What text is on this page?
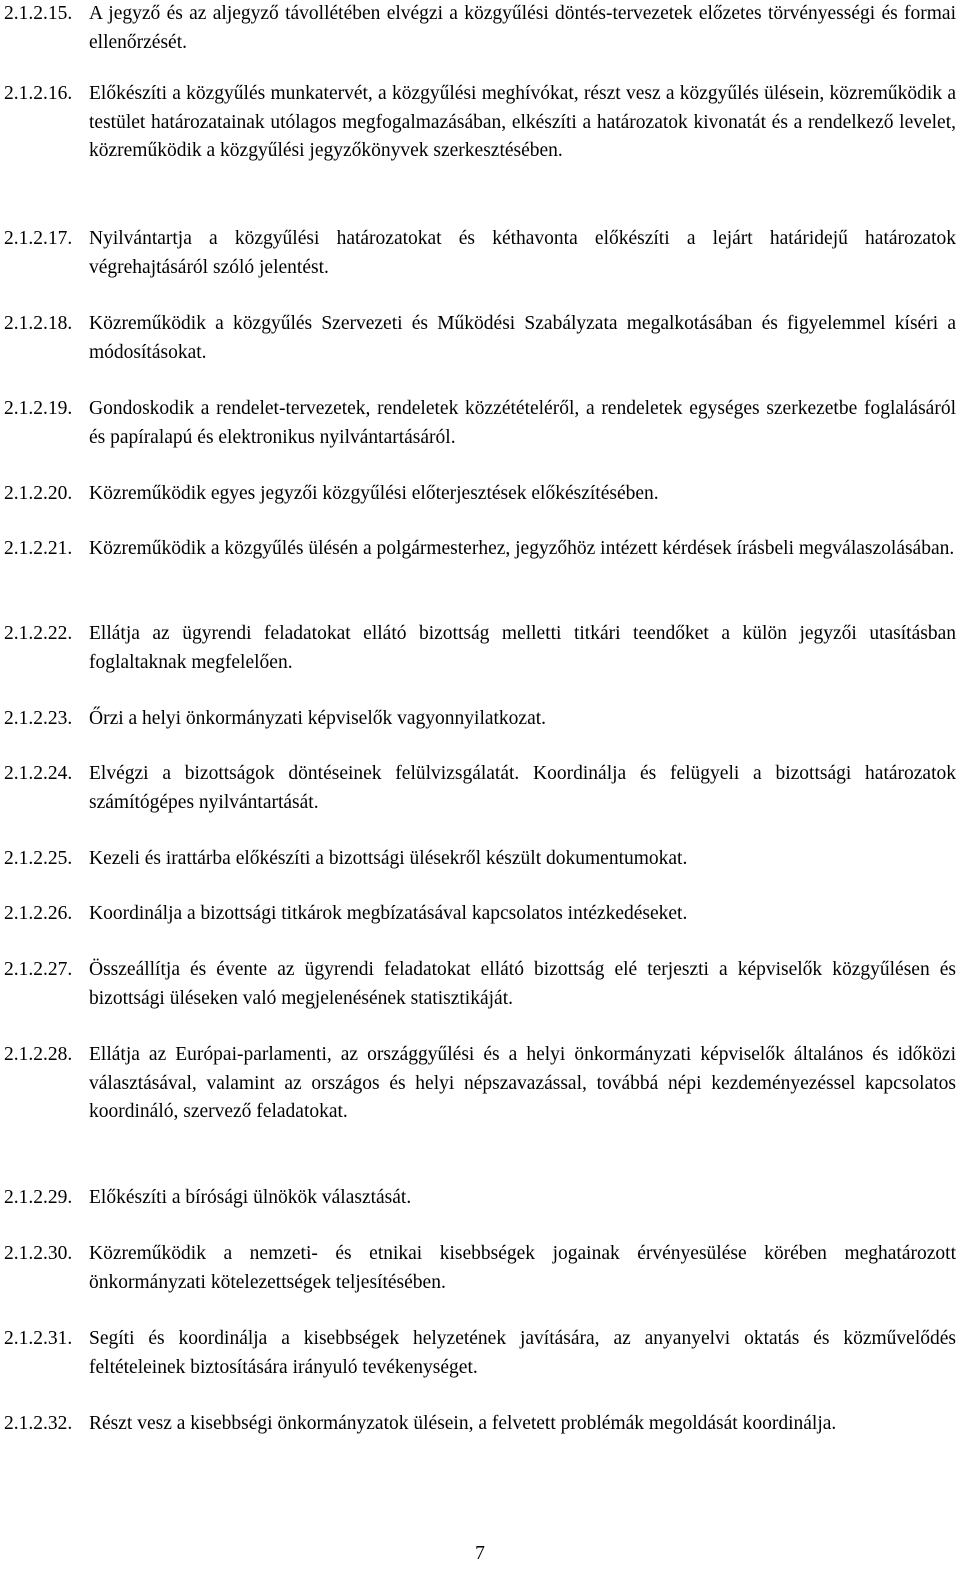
2.1.2.15. A jegyző és az aljegyző távollétében elvégzi a közgyűlési döntés-tervezetek előzetes törvényességi és formai ellenőrzését.
2.1.2.16. Előkészíti a közgyűlés munkatervét, a közgyűlési meghívókat, részt vesz a közgyűlés ülésein, közreműködik a testület határozatainak utólagos megfogalmazásában, elkészíti a határozatok kivonatát és a rendelkező levelet, közreműködik a közgyűlési jegyzőkönyvek szerkesztésében.
2.1.2.17. Nyilvántartja a közgyűlési határozatokat és kéthavonta előkészíti a lejárt határidejű határozatok végrehajtásáról szóló jelentést.
2.1.2.18. Közreműködik a közgyűlés Szervezeti és Működési Szabályzata megalkotásában és figyelemmel kíséri a módosításokat.
2.1.2.19. Gondoskodik a rendelet-tervezetek, rendeletek közzétételéről, a rendeletek egységes szerkezetbe foglalásáról és papíralapú és elektronikus nyilvántartásáról.
2.1.2.20. Közreműködik egyes jegyzői közgyűlési előterjesztések előkészítésében.
2.1.2.21. Közreműködik a közgyűlés ülésén a polgármesterhez, jegyzőhöz intézett kérdések írásbeli megválaszolásában.
2.1.2.22. Ellátja az ügyrendi feladatokat ellátó bizottság melletti titkári teendőket a külön jegyzői utasításban foglaltaknak megfelelően.
2.1.2.23. Őrzi a helyi önkormányzati képviselők vagyonnyilatkozat.
2.1.2.24. Elvégzi a bizottságok döntéseinek felülvizsgálatát. Koordinálja és felügyeli a bizottsági határozatok számítógépes nyilvántartását.
2.1.2.25. Kezeli és irattárba előkészíti a bizottsági ülésekről készült dokumentumokat.
2.1.2.26. Koordinálja a bizottsági titkárok megbízatásával kapcsolatos intézkedéseket.
2.1.2.27. Összeállítja és évente az ügyrendi feladatokat ellátó bizottság elé terjeszti a képviselők közgyűlésen és bizottsági üléseken való megjelenésének statisztikáját.
2.1.2.28. Ellátja az Európai-parlamenti, az országgyűlési és a helyi önkormányzati képviselők általános és időközi választásával, valamint az országos és helyi népszavazással, továbbá népi kezdeményezéssel kapcsolatos koordináló, szervező feladatokat.
2.1.2.29. Előkészíti a bírósági ülnökök választását.
2.1.2.30. Közreműködik a nemzeti- és etnikai kisebbségek jogainak érvényesülése körében meghatározott önkormányzati kötelezettségek teljesítésében.
2.1.2.31. Segíti és koordinálja a kisebbségek helyzetének javítására, az anyanyelvi oktatás és közművelődés feltételeinek biztosítására irányuló tevékenységet.
2.1.2.32. Részt vesz a kisebbségi önkormányzatok ülésein, a felvetett problémák megoldását koordinálja.
7
